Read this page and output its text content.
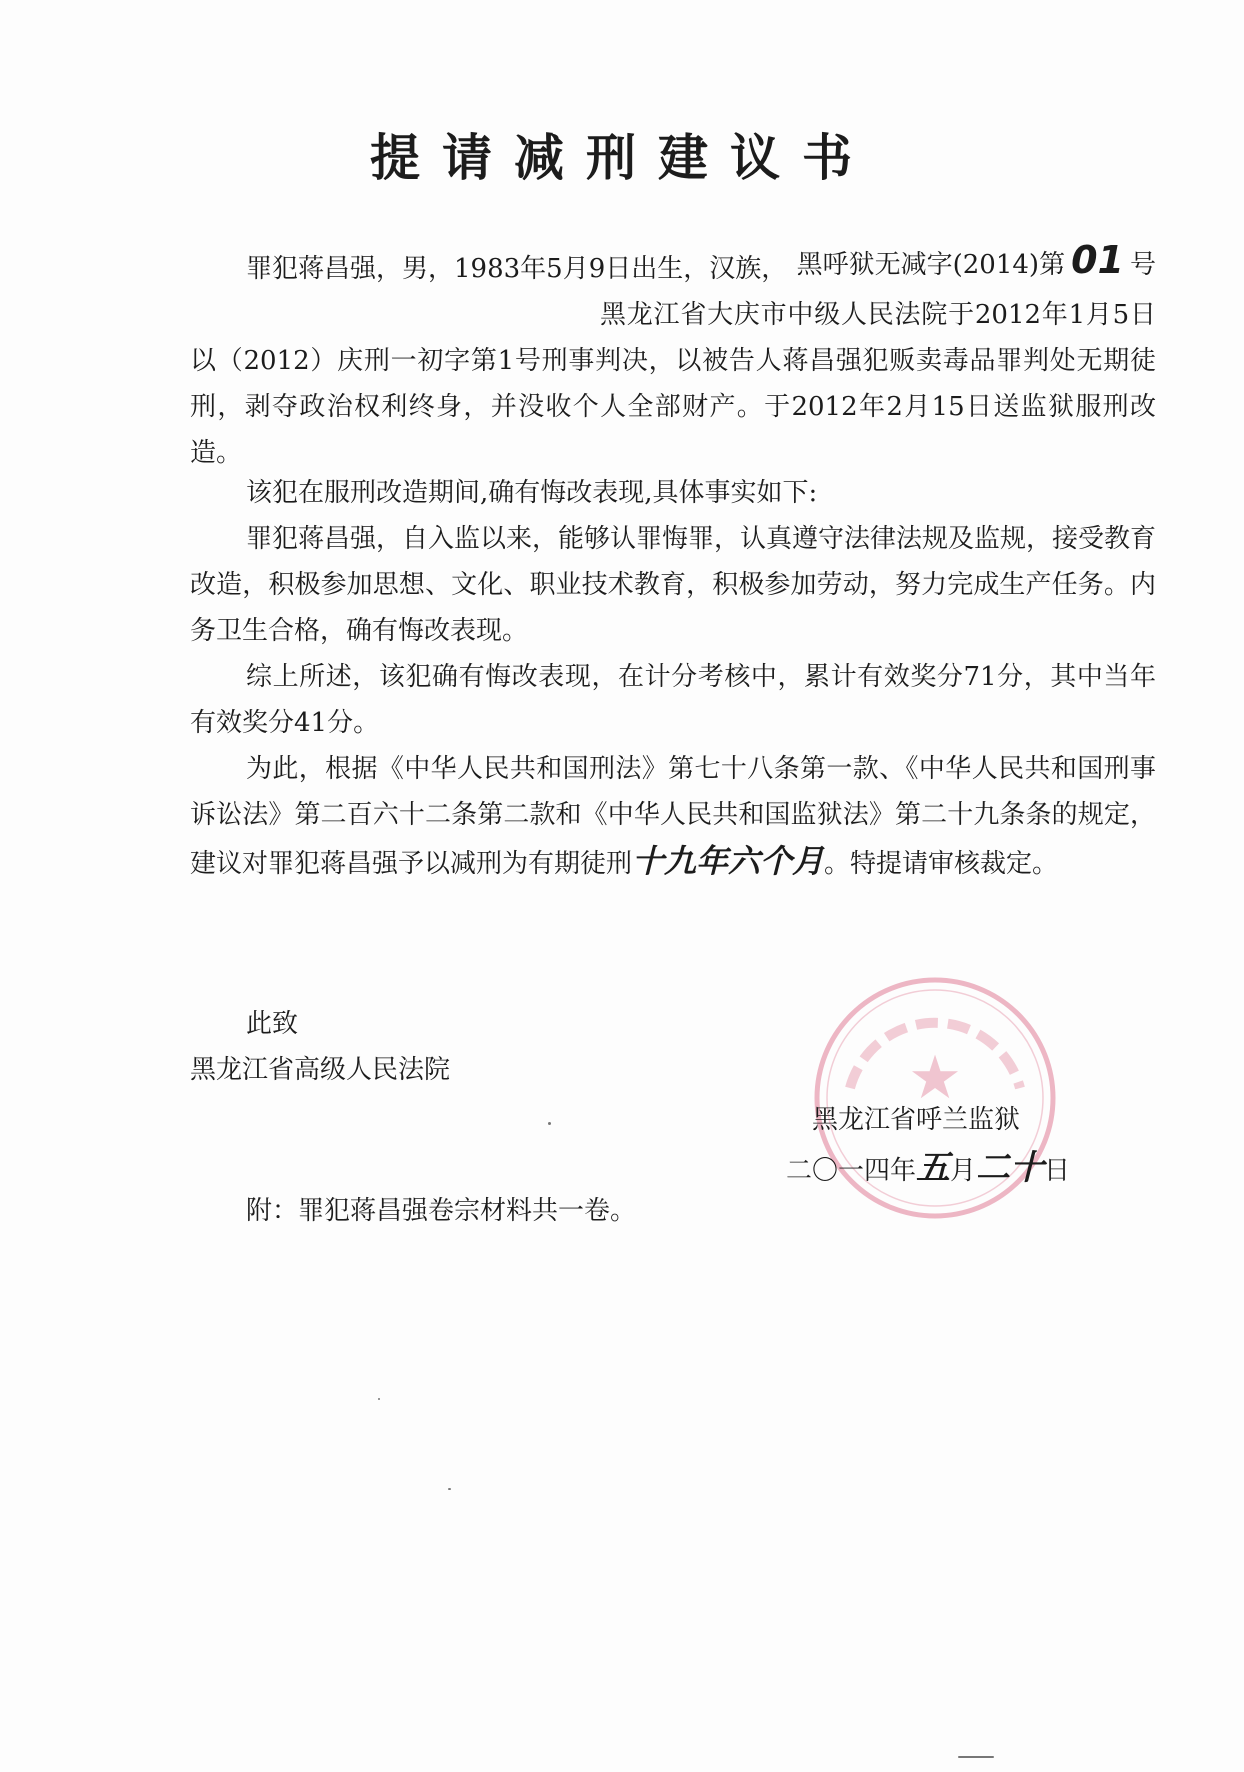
提请减刑建议书
黑呼狱无减字(2014)第 01 号
罪犯蒋昌强，男，1983年5月9日出生，汉族，
黑龙江省大庆市中级人民法院于2012年1月5日以（2012）庆刑一初字第1号刑事判决，以被告人蒋昌强犯贩卖毒品罪判处无期徒刑，剥夺政治权利终身，并没收个人全部财产。于2012年2月15日送监狱服刑改造。
该犯在服刑改造期间,确有悔改表现,具体事实如下:
罪犯蒋昌强，自入监以来，能够认罪悔罪，认真遵守法律法规及监规，接受教育改造，积极参加思想、文化、职业技术教育，积极参加劳动，努力完成生产任务。内务卫生合格，确有悔改表现。
综上所述，该犯确有悔改表现，在计分考核中，累计有效奖分71分，其中当年有效奖分41分。
为此，根据《中华人民共和国刑法》第七十八条第一款、《中华人民共和国刑事诉讼法》第二百六十二条第二款和《中华人民共和国监狱法》第二十九条条的规定，建议对罪犯蒋昌强予以减刑为有期徒刑十九年六个月。特提请审核裁定。
此致
黑龙江省高级人民法院	★
黑龙江省呼兰监狱
二〇一四年五月二十日
附：罪犯蒋昌强卷宗材料共一卷。
